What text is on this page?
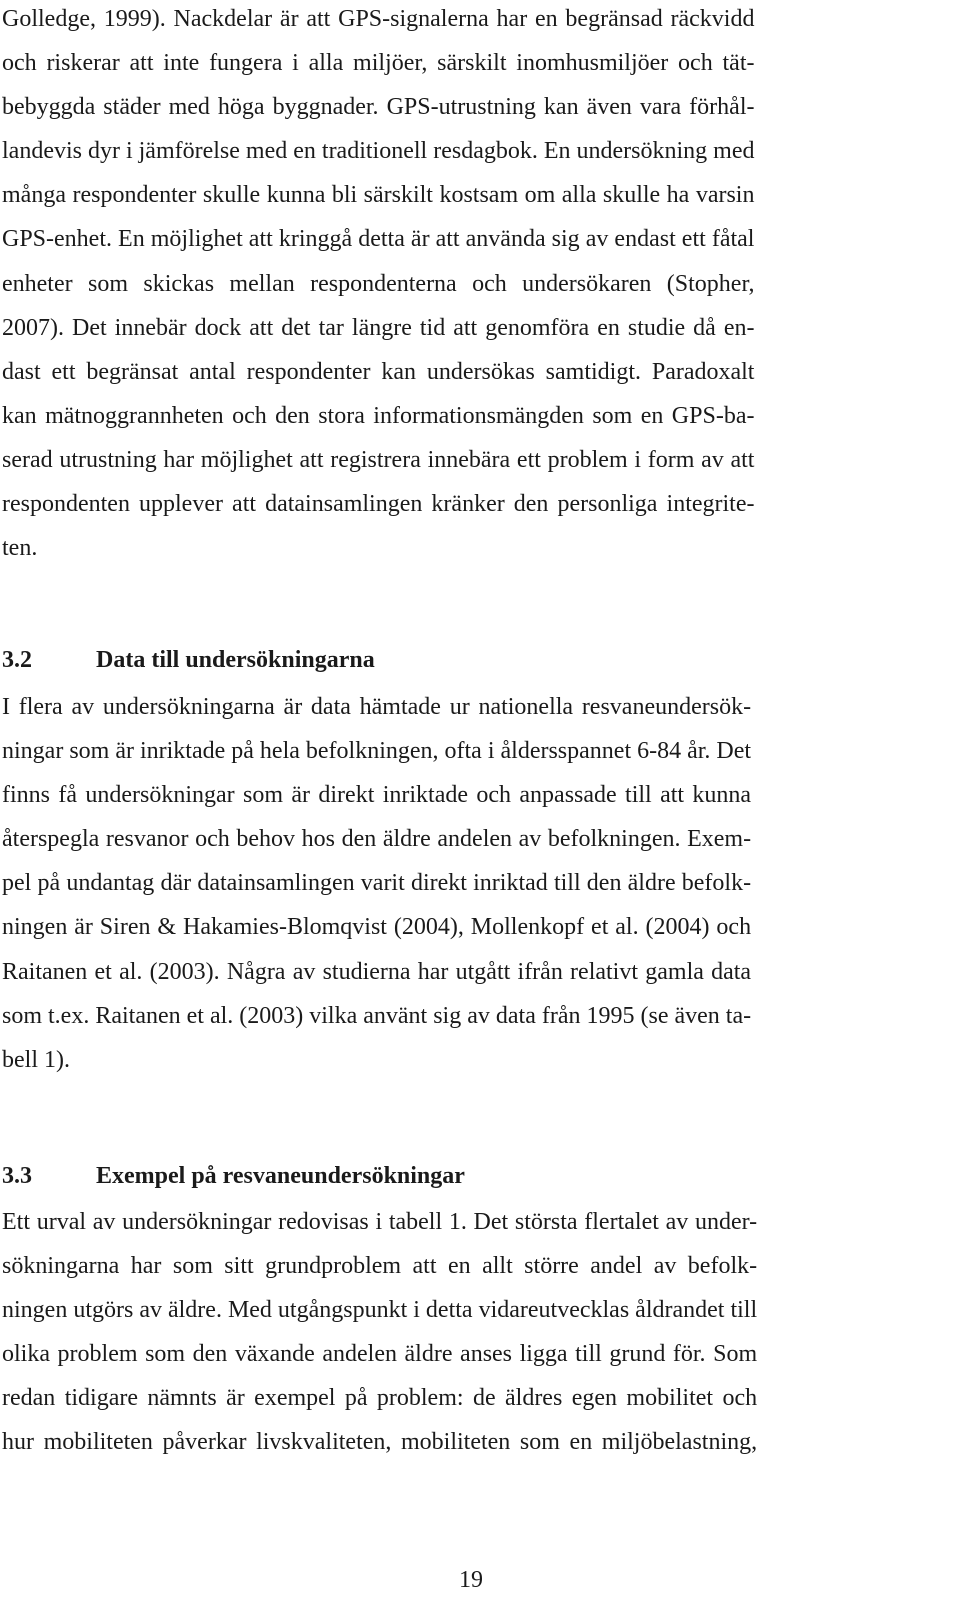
Golledge, 1999). Nackdelar är att GPS-signalerna har en begränsad räckvidd
och riskerar att inte fungera i alla miljöer, särskilt inomhusmiljöer och tät-
bebyggda städer med höga byggnader. GPS-utrustning kan även vara förhål-
landevis dyr i jämförelse med en traditionell resdagbok. En undersökning med
många respondenter skulle kunna bli särskilt kostsam om alla skulle ha varsin
GPS-enhet. En möjlighet att kringgå detta är att använda sig av endast ett fåtal
enheter som skickas mellan respondenterna och undersökaren (Stopher,
2007). Det innebär dock att det tar längre tid att genomföra en studie då en-
dast ett begränsat antal respondenter kan undersökas samtidigt. Paradoxalt
kan mätnoggrannheten och den stora informationsmängden som en GPS-ba-
serad utrustning har möjlighet att registrera innebära ett problem i form av att
respondenten upplever att datainsamlingen kränker den personliga integrite-
ten.
3.2	Data till undersökningarna
I flera av undersökningarna är data hämtade ur nationella resvaneundersök-
ningar som är inriktade på hela befolkningen, ofta i åldersspannet 6-84 år. Det
finns få undersökningar som är direkt inriktade och anpassade till att kunna
återspegla resvanor och behov hos den äldre andelen av befolkningen. Exem-
pel på undantag där datainsamlingen varit direkt inriktad till den äldre befolk-
ningen är Siren & Hakamies-Blomqvist (2004), Mollenkopf et al. (2004) och
Raitanen et al. (2003). Några av studierna har utgått ifrån relativt gamla data
som t.ex. Raitanen et al. (2003) vilka använt sig av data från 1995 (se även ta-
bell 1).
3.3	Exempel på resvaneundersökningar
Ett urval av undersökningar redovisas i tabell 1. Det största flertalet av under-
sökningarna har som sitt grundproblem att en allt större andel av befolk-
ningen utgörs av äldre. Med utgångspunkt i detta vidareutvecklas åldrandet till
olika problem som den växande andelen äldre anses ligga till grund för. Som
redan tidigare nämnts är exempel på problem: de äldres egen mobilitet och
hur mobiliteten påverkar livskvaliteten, mobiliteten som en miljöbelastning,
19
